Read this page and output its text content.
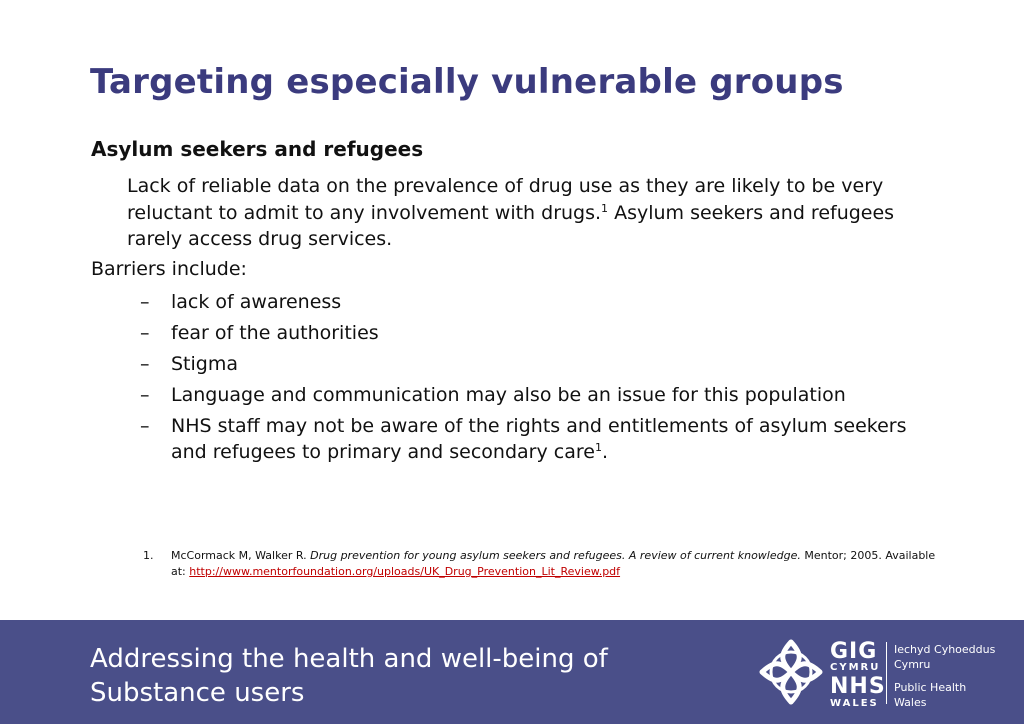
Targeting especially vulnerable groups
Asylum seekers and refugees
Lack of reliable data on the prevalence of drug use as they are likely to be very reluctant to admit to any involvement with drugs.$^1$ Asylum seekers and refugees rarely access drug services.
Barriers include:
– lack of awareness
– fear of the authorities
– Stigma
– Language and communication may also be an issue for this population
– NHS staff may not be aware of the rights and entitlements of asylum seekers and refugees to primary and secondary care$^1$.
1.	McCormack M, Walker R. Drug prevention for young asylum seekers and refugees. A review of current knowledge. Mentor; 2005. Available at: http://www.mentorfoundation.org/uploads/UK_Drug_Prevention_Lit_Review.pdf
Addressing the health and well-being of
Substance users
GIG
CYMRU
NHS
WALES
Iechyd Cyhoeddus
Cymru
Public Health
Wales
